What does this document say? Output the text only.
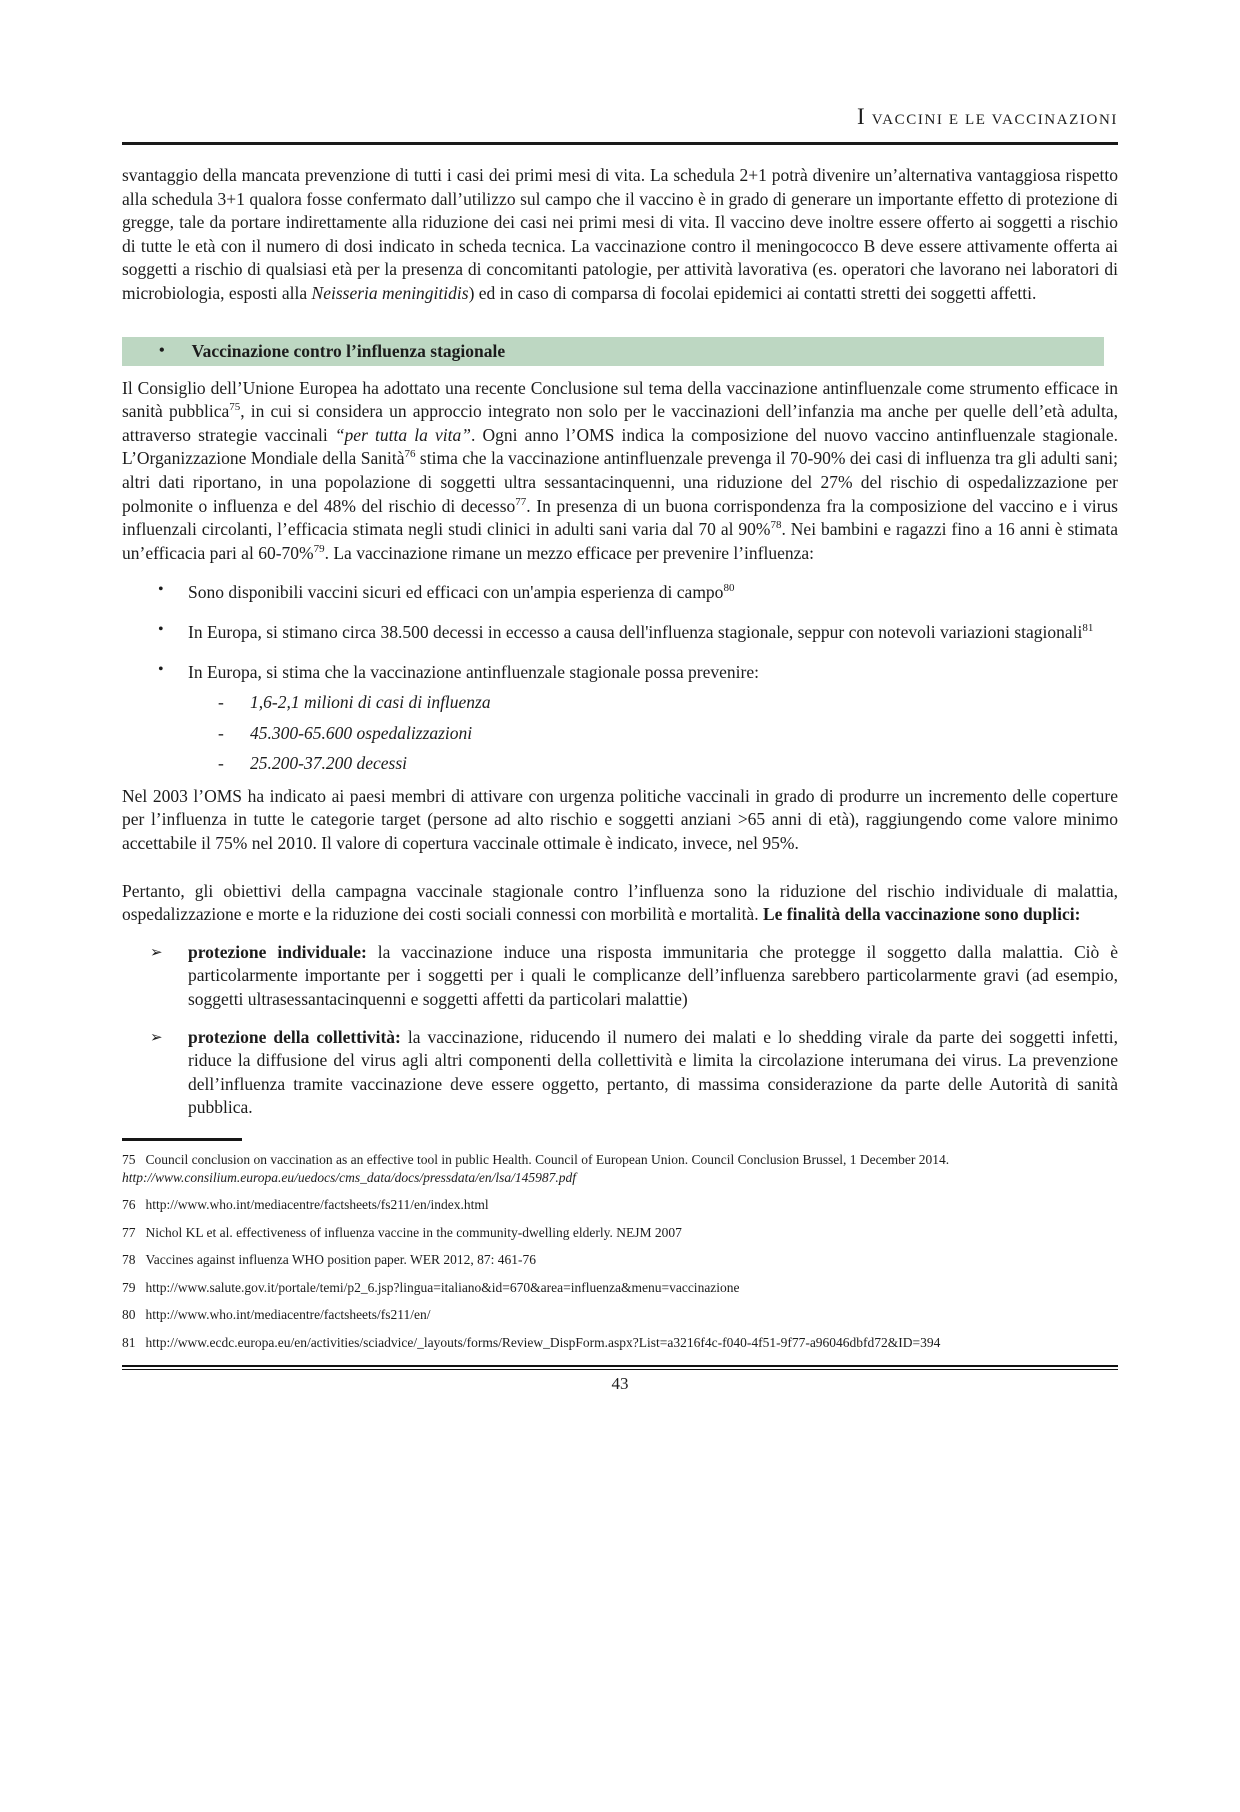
I VACCINI E LE VACCINAZIONI

svantaggio della mancata prevenzione di tutti i casi dei primi mesi di vita. La schedula 2+1 potrà divenire un’alternativa vantaggiosa rispetto alla schedula 3+1 qualora fosse confermato dall’utilizzo sul campo che il vaccino è in grado di generare un importante effetto di protezione di gregge, tale da portare indirettamente alla riduzione dei casi nei primi mesi di vita. Il vaccino deve inoltre essere offerto ai soggetti a rischio di tutte le età con il numero di dosi indicato in scheda tecnica. La vaccinazione contro il meningococco B deve essere attivamente offerta ai soggetti a rischio di qualsiasi età per la presenza di concomitanti patologie, per attività lavorativa (es. operatori che lavorano nei laboratori di microbiologia, esposti alla Neisseria meningitidis) ed in caso di comparsa di focolai epidemici ai contatti stretti dei soggetti affetti.

• Vaccinazione contro l’influenza stagionale

Il Consiglio dell’Unione Europea ha adottato una recente Conclusione sul tema della vaccinazione antinfluenzale come strumento efficace in sanità pubblica$^{75}$, in cui si considera un approccio integrato non solo per le vaccinazioni dell’infanzia ma anche per quelle dell’età adulta, attraverso strategie vaccinali “per tutta la vita”. Ogni anno l’OMS indica la composizione del nuovo vaccino antinfluenzale stagionale. L’Organizzazione Mondiale della Sanità$^{76}$ stima che la vaccinazione antinfluenzale prevenga il 70-90% dei casi di influenza tra gli adulti sani; altri dati riportano, in una popolazione di soggetti ultra sessantacinquenni, una riduzione del 27% del rischio di ospedalizzazione per polmonite o influenza e del 48% del rischio di decesso$^{77}$. In presenza di un buona corrispondenza fra la composizione del vaccino e i virus influenzali circolanti, l’efficacia stimata negli studi clinici in adulti sani varia dal 70 al 90%$^{78}$. Nei bambini e ragazzi fino a 16 anni è stimata un’efficacia pari al 60-70%$^{79}$. La vaccinazione rimane un mezzo efficace per prevenire l’influenza:

•	Sono disponibili vaccini sicuri ed efficaci con un'ampia esperienza di campo$^{80}$
•	In Europa, si stimano circa 38.500 decessi in eccesso a causa dell'influenza stagionale, seppur con notevoli variazioni stagionali$^{81}$
•	In Europa, si stima che la vaccinazione antinfluenzale stagionale possa prevenire:
-	1,6-2,1 milioni di casi di influenza
-	45.300-65.600 ospedalizzazioni
-	25.200-37.200 decessi

Nel 2003 l’OMS ha indicato ai paesi membri di attivare con urgenza politiche vaccinali in grado di produrre un incremento delle coperture per l’influenza in tutte le categorie target (persone ad alto rischio e soggetti anziani >65 anni di età), raggiungendo come valore minimo accettabile il 75% nel 2010. Il valore di copertura vaccinale ottimale è indicato, invece, nel 95%.

Pertanto, gli obiettivi della campagna vaccinale stagionale contro l’influenza sono la riduzione del rischio individuale di malattia, ospedalizzazione e morte e la riduzione dei costi sociali connessi con morbilità e mortalità. Le finalità della vaccinazione sono duplici:

➢	protezione individuale: la vaccinazione induce una risposta immunitaria che protegge il soggetto dalla malattia. Ciò è particolarmente importante per i soggetti per i quali le complicanze dell’influenza sarebbero particolarmente gravi (ad esempio, soggetti ultrasessantacinquenni e soggetti affetti da particolari malattie)
➢	protezione della collettività: la vaccinazione, riducendo il numero dei malati e lo shedding virale da parte dei soggetti infetti, riduce la diffusione del virus agli altri componenti della collettività e limita la circolazione interumana dei virus. La prevenzione dell’influenza tramite vaccinazione deve essere oggetto, pertanto, di massima considerazione da parte delle Autorità di sanità pubblica.
75 Council conclusion on vaccination as an effective tool in public Health. Council of European Union. Council Conclusion Brussel, 1 December 2014. http://www.consilium.europa.eu/uedocs/cms_data/docs/pressdata/en/lsa/145987.pdf
76 http://www.who.int/mediacentre/factsheets/fs211/en/index.html
77 Nichol KL et al. effectiveness of influenza vaccine in the community-dwelling elderly. NEJM 2007
78 Vaccines against influenza WHO position paper. WER 2012, 87: 461-76
79 http://www.salute.gov.it/portale/temi/p2_6.jsp?lingua=italiano&id=670&area=influenza&menu=vaccinazione
80 http://www.who.int/mediacentre/factsheets/fs211/en/
81 http://www.ecdc.europa.eu/en/activities/sciadvice/_layouts/forms/Review_DispForm.aspx?List=a3216f4c-f040-4f51-9f77-a96046dbfd72&ID=394
43
